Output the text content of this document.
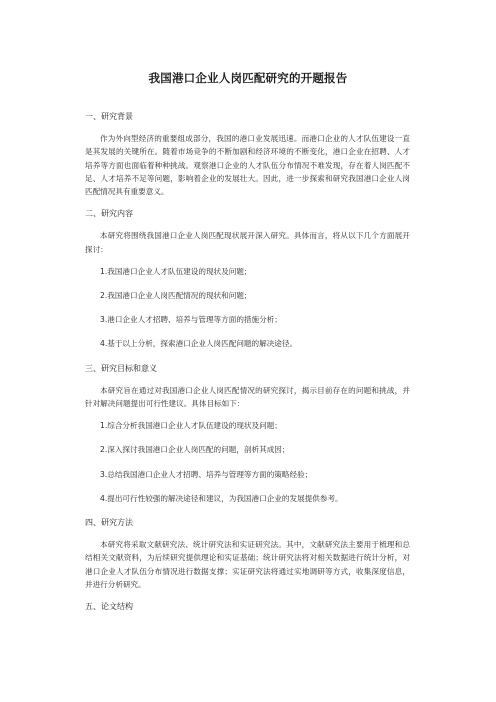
我国港口企业人岗匹配研究的开题报告
一、研究背景
作为外向型经济的重要组成部分，我国的港口业发展迅速。而港口企业的人才队伍建设一直是其发展的关键所在。随着市场竞争的不断加剧和经济环境的不断变化，港口企业在招聘、人才培养等方面也面临着种种挑战。观察港口企业的人才队伍分布情况不难发现，存在着人岗匹配不足、人才培养不足等问题，影响着企业的发展壮大。因此，进一步探索和研究我国港口企业人岗匹配情况具有重要意义。
二、研究内容
本研究将围绕我国港口企业人岗匹配现状展开深入研究。具体而言，将从以下几个方面展开探讨：
1.我国港口企业人才队伍建设的现状及问题；
2.我国港口企业人岗匹配情况的现状和问题；
3.港口企业人才招聘、培养与管理等方面的措施分析；
4.基于以上分析，探索港口企业人岗匹配问题的解决途径。
三、研究目标和意义
本研究旨在通过对我国港口企业人岗匹配情况的研究探讨，揭示目前存在的问题和挑战，并针对解决问题提出可行性建议。具体目标如下：
1.综合分析我国港口企业人才队伍建设的现状及问题；
2.深入探讨我国港口企业人岗匹配的问题，剖析其成因；
3.总结我国港口企业人才招聘、培养与管理等方面的策略经验；
4.提出可行性较强的解决途径和建议，为我国港口企业的发展提供参考。
四、研究方法
本研究将采取文献研究法、统计研究法和实证研究法。其中，文献研究法主要用于梳理和总结相关文献资料，为后续研究提供理论和实证基础；统计研究法将对相关数据进行统计分析，对港口企业人才队伍分布情况进行数据支撑；实证研究法将通过实地调研等方式，收集深度信息，并进行分析研究。
五、论文结构
